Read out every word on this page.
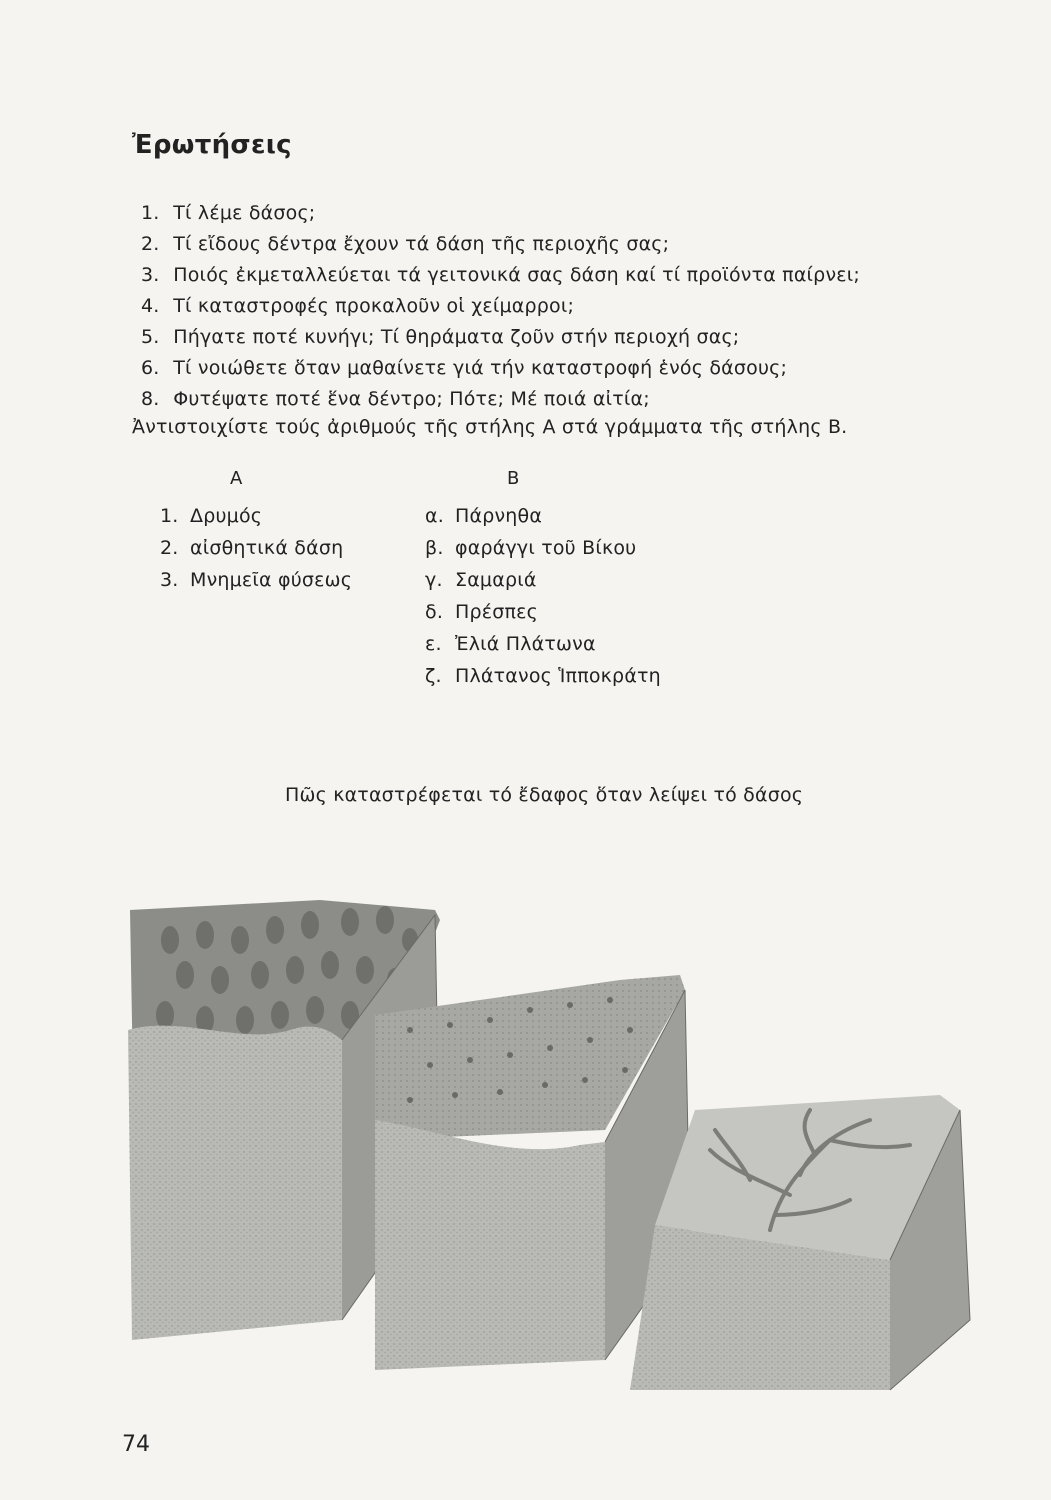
Ἐρωτήσεις
1. Τί λέμε δάσος;
2. Τί εἴδους δέντρα ἔχουν τά δάση τῆς περιοχῆς σας;
3. Ποιός ἐκμεταλλεύεται τά γειτονικά σας δάση καί τί προϊόντα παίρνει;
4. Τί καταστροφές προκαλοῦν οἱ χείμαρροι;
5. Πήγατε ποτέ κυνήγι; Τί θηράματα ζοῦν στήν περιοχή σας;
6. Τί νοιώθετε ὅταν μαθαίνετε γιά τήν καταστροφή ἑνός δάσους;
8. Φυτέψατε ποτέ ἕνα δέντρο; Πότε; Μέ ποιά αἰτία;
Ἀντιστοιχίστε τούς ἀριθμούς τῆς στήλης Α στά γράμματα τῆς στήλης Β.
Α	Β
1. Δρυμός
2. αἰσθητικά δάση
3. Μνημεῖα φύσεως
α. Πάρνηθα
β. φαράγγι τοῦ Βίκου
γ. Σαμαριά
δ. Πρέσπες
ε. Ἐλιά Πλάτωνα
ζ. Πλάτανος Ἱπποκράτη
Πῶς καταστρέφεται τό ἔδαφος ὅταν λείψει τό δάσος
74
